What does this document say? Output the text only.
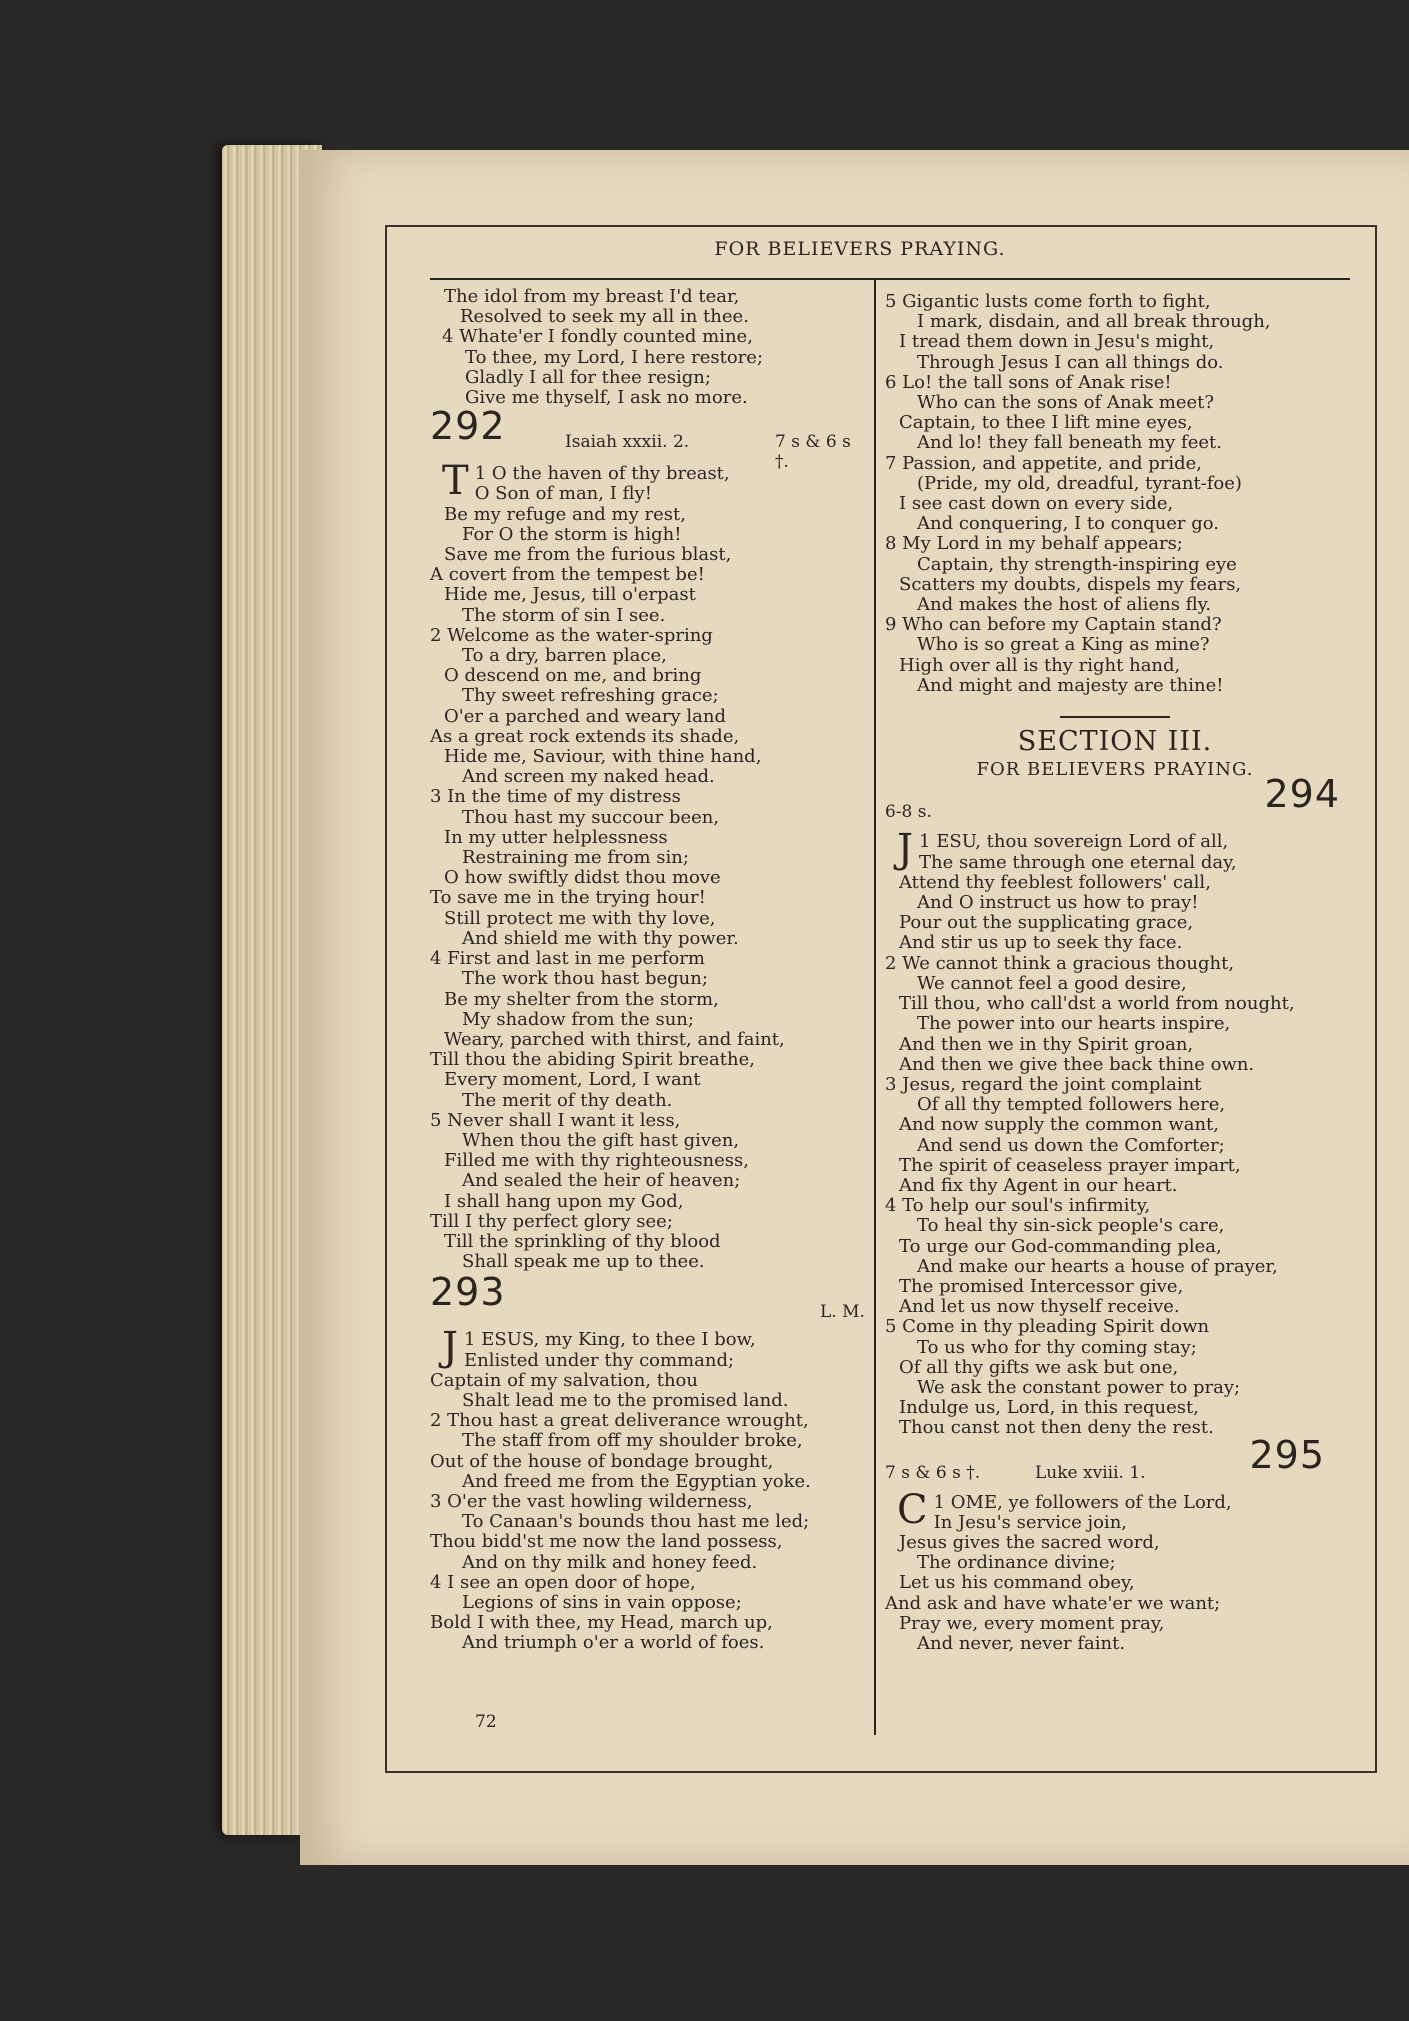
FOR BELIEVERS PRAYING.
The idol from my breast I'd tear,
Resolved to seek my all in thee.
4 Whate'er I fondly counted mine,
To thee, my Lord, I here restore;
Gladly I all for thee resign;
Give me thyself, I ask no more.
292	Isaiah xxxii. 2.	7 s & 6 s †.
T 1 O the haven of thy breast,
O Son of man, I fly!
Be my refuge and my rest,
For O the storm is high!
Save me from the furious blast,
A covert from the tempest be!
Hide me, Jesus, till o'erpast
The storm of sin I see.
2 Welcome as the water-spring
To a dry, barren place,
O descend on me, and bring
Thy sweet refreshing grace;
O'er a parched and weary land
As a great rock extends its shade,
Hide me, Saviour, with thine hand,
And screen my naked head.
3 In the time of my distress
Thou hast my succour been,
In my utter helplessness
Restraining me from sin;
O how swiftly didst thou move
To save me in the trying hour!
Still protect me with thy love,
And shield me with thy power.
4 First and last in me perform
The work thou hast begun;
Be my shelter from the storm,
My shadow from the sun;
Weary, parched with thirst, and faint,
Till thou the abiding Spirit breathe,
Every moment, Lord, I want
The merit of thy death.
5 Never shall I want it less,
When thou the gift hast given,
Filled me with thy righteousness,
And sealed the heir of heaven;
I shall hang upon my God,
Till I thy perfect glory see;
Till the sprinkling of thy blood
Shall speak me up to thee.
293	L. M.
J 1 ESUS, my King, to thee I bow,
Enlisted under thy command;
Captain of my salvation, thou
Shalt lead me to the promised land.
2 Thou hast a great deliverance wrought,
The staff from off my shoulder broke,
Out of the house of bondage brought,
And freed me from the Egyptian yoke.
3 O'er the vast howling wilderness,
To Canaan's bounds thou hast me led;
Thou bidd'st me now the land possess,
And on thy milk and honey feed.
4 I see an open door of hope,
Legions of sins in vain oppose;
Bold I with thee, my Head, march up,
And triumph o'er a world of foes.
72
5 Gigantic lusts come forth to fight,
I mark, disdain, and all break through,
I tread them down in Jesu's might,
Through Jesus I can all things do.
6 Lo! the tall sons of Anak rise!
Who can the sons of Anak meet?
Captain, to thee I lift mine eyes,
And lo! they fall beneath my feet.
7 Passion, and appetite, and pride,
(Pride, my old, dreadful, tyrant-foe)
I see cast down on every side,
And conquering, I to conquer go.
8 My Lord in my behalf appears;
Captain, thy strength-inspiring eye
Scatters my doubts, dispels my fears,
And makes the host of aliens fly.
9 Who can before my Captain stand?
Who is so great a King as mine?
High over all is thy right hand,
And might and majesty are thine!
SECTION III.
FOR BELIEVERS PRAYING.
6-8 s.	294
J 1 ESU, thou sovereign Lord of all,
The same through one eternal day,
Attend thy feeblest followers' call,
And O instruct us how to pray!
Pour out the supplicating grace,
And stir us up to seek thy face.
2 We cannot think a gracious thought,
We cannot feel a good desire,
Till thou, who call'dst a world from nought,
The power into our hearts inspire,
And then we in thy Spirit groan,
And then we give thee back thine own.
3 Jesus, regard the joint complaint
Of all thy tempted followers here,
And now supply the common want,
And send us down the Comforter;
The spirit of ceaseless prayer impart,
And fix thy Agent in our heart.
4 To help our soul's infirmity,
To heal thy sin-sick people's care,
To urge our God-commanding plea,
And make our hearts a house of prayer,
The promised Intercessor give,
And let us now thyself receive.
5 Come in thy pleading Spirit down
To us who for thy coming stay;
Of all thy gifts we ask but one,
We ask the constant power to pray;
Indulge us, Lord, in this request,
Thou canst not then deny the rest.
7 s & 6 s †.	Luke xviii. 1.	295
C 1 OME, ye followers of the Lord,
In Jesu's service join,
Jesus gives the sacred word,
The ordinance divine;
Let us his command obey,
And ask and have whate'er we want;
Pray we, every moment pray,
And never, never faint.
